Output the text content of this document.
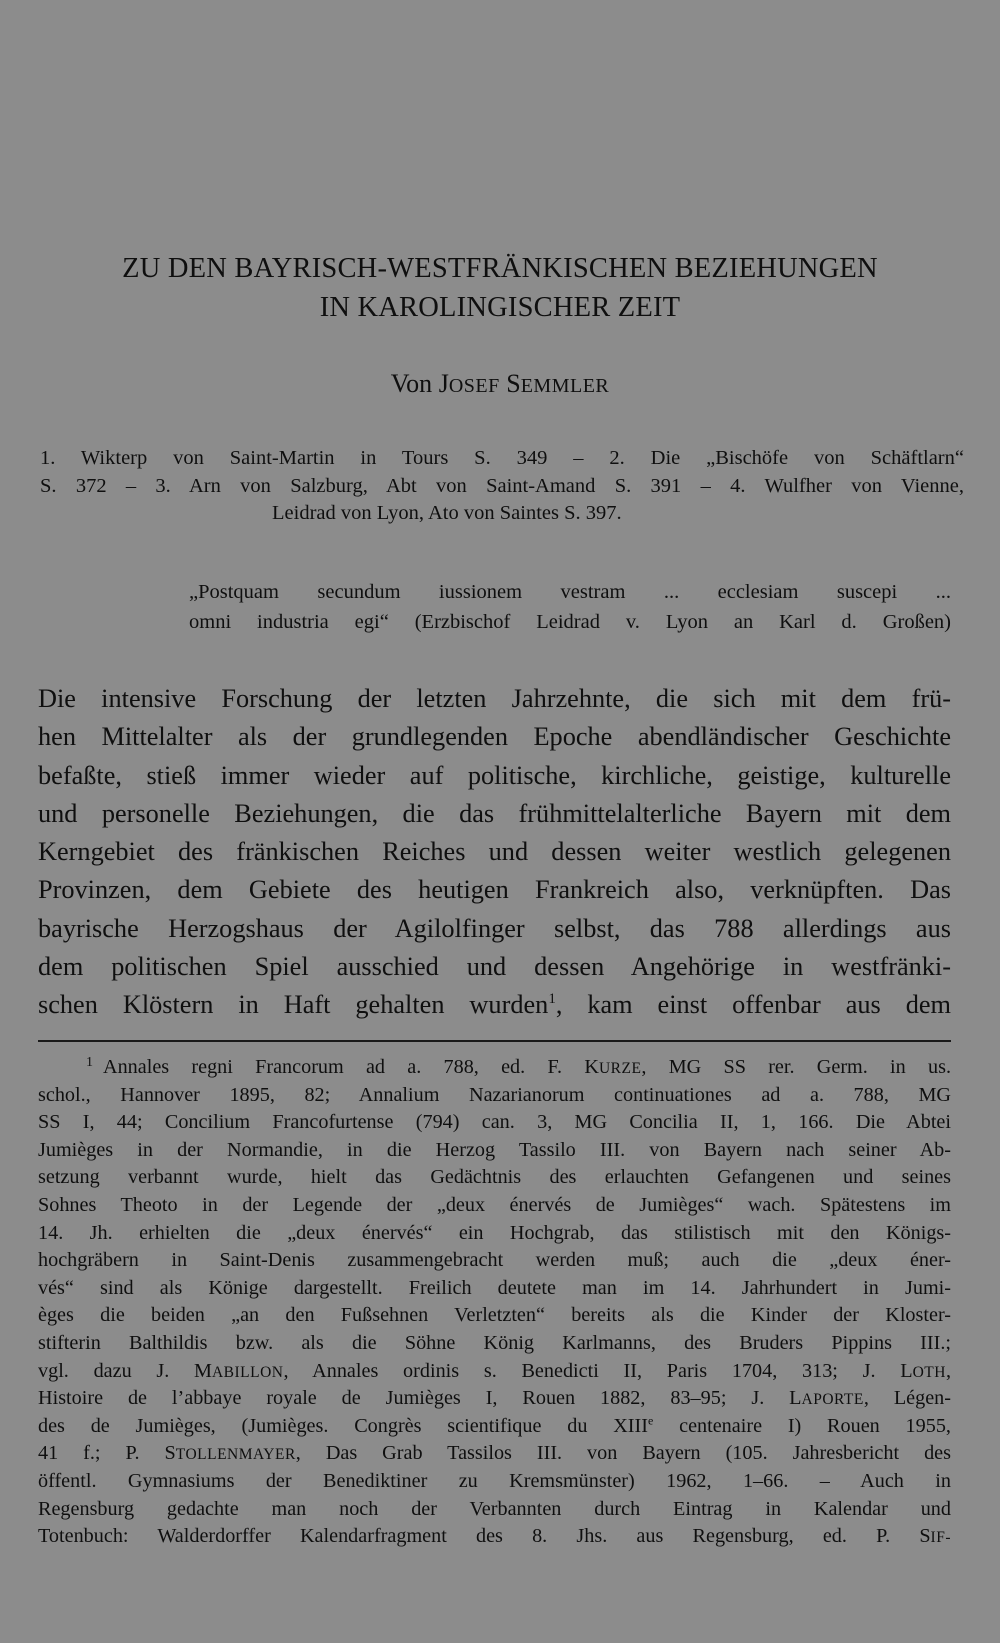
ZU DEN BAYRISCH-WESTFRÄNKISCHEN BEZIEHUNGEN
IN KAROLINGISCHER ZEIT
Von JOSEF SEMMLER
1. Wikterp von Saint-Martin in Tours S. 349 – 2. Die „Bischöfe von Schäftlarn“
S. 372 – 3. Arn von Salzburg, Abt von Saint-Amand S. 391 – 4. Wulfher von Vienne,
Leidrad von Lyon, Ato von Saintes S. 397.
„Postquam secundum iussionem vestram ... ecclesiam suscepi ...
omni industria egi“ (Erzbischof Leidrad v. Lyon an Karl d. Großen)
Die intensive Forschung der letzten Jahrzehnte, die sich mit dem frü-
hen Mittelalter als der grundlegenden Epoche abendländischer Geschichte
befaßte, stieß immer wieder auf politische, kirchliche, geistige, kulturelle
und personelle Beziehungen, die das frühmittelalterliche Bayern mit dem
Kerngebiet des fränkischen Reiches und dessen weiter westlich gelegenen
Provinzen, dem Gebiete des heutigen Frankreich also, verknüpften. Das
bayrische Herzogshaus der Agilolfinger selbst, das 788 allerdings aus
dem politischen Spiel ausschied und dessen Angehörige in westfränki-
schen Klöstern in Haft gehalten wurden$^1$, kam einst offenbar aus dem
$^1$ Annales regni Francorum ad a. 788, ed. F. KURZE, MG SS rer. Germ. in us.
schol., Hannover 1895, 82; Annalium Nazarianorum continuationes ad a. 788, MG
SS I, 44; Concilium Francofurtense (794) can. 3, MG Concilia II, 1, 166. Die Abtei
Jumièges in der Normandie, in die Herzog Tassilo III. von Bayern nach seiner Ab-
setzung verbannt wurde, hielt das Gedächtnis des erlauchten Gefangenen und seines
Sohnes Theoto in der Legende der „deux énervés de Jumièges“ wach. Spätestens im
14. Jh. erhielten die „deux énervés“ ein Hochgrab, das stilistisch mit den Königs-
hochgräbern in Saint-Denis zusammengebracht werden muß; auch die „deux éner-
vés“ sind als Könige dargestellt. Freilich deutete man im 14. Jahrhundert in Jumi-
èges die beiden „an den Fußsehnen Verletzten“ bereits als die Kinder der Kloster-
stifterin Balthildis bzw. als die Söhne König Karlmanns, des Bruders Pippins III.;
vgl. dazu J. MABILLON, Annales ordinis s. Benedicti II, Paris 1704, 313; J. LOTH,
Histoire de l’abbaye royale de Jumièges I, Rouen 1882, 83–95; J. LAPORTE, Légen-
des de Jumièges, (Jumièges. Congrès scientifique du XIIIe centenaire I) Rouen 1955,
41 f.; P. STOLLENMAYER, Das Grab Tassilos III. von Bayern (105. Jahresbericht des
öffentl. Gymnasiums der Benediktiner zu Kremsmünster) 1962, 1–66. – Auch in
Regensburg gedachte man noch der Verbannten durch Eintrag in Kalendar und
Totenbuch: Walderdorffer Kalendarfragment des 8. Jhs. aus Regensburg, ed. P. SIF-
